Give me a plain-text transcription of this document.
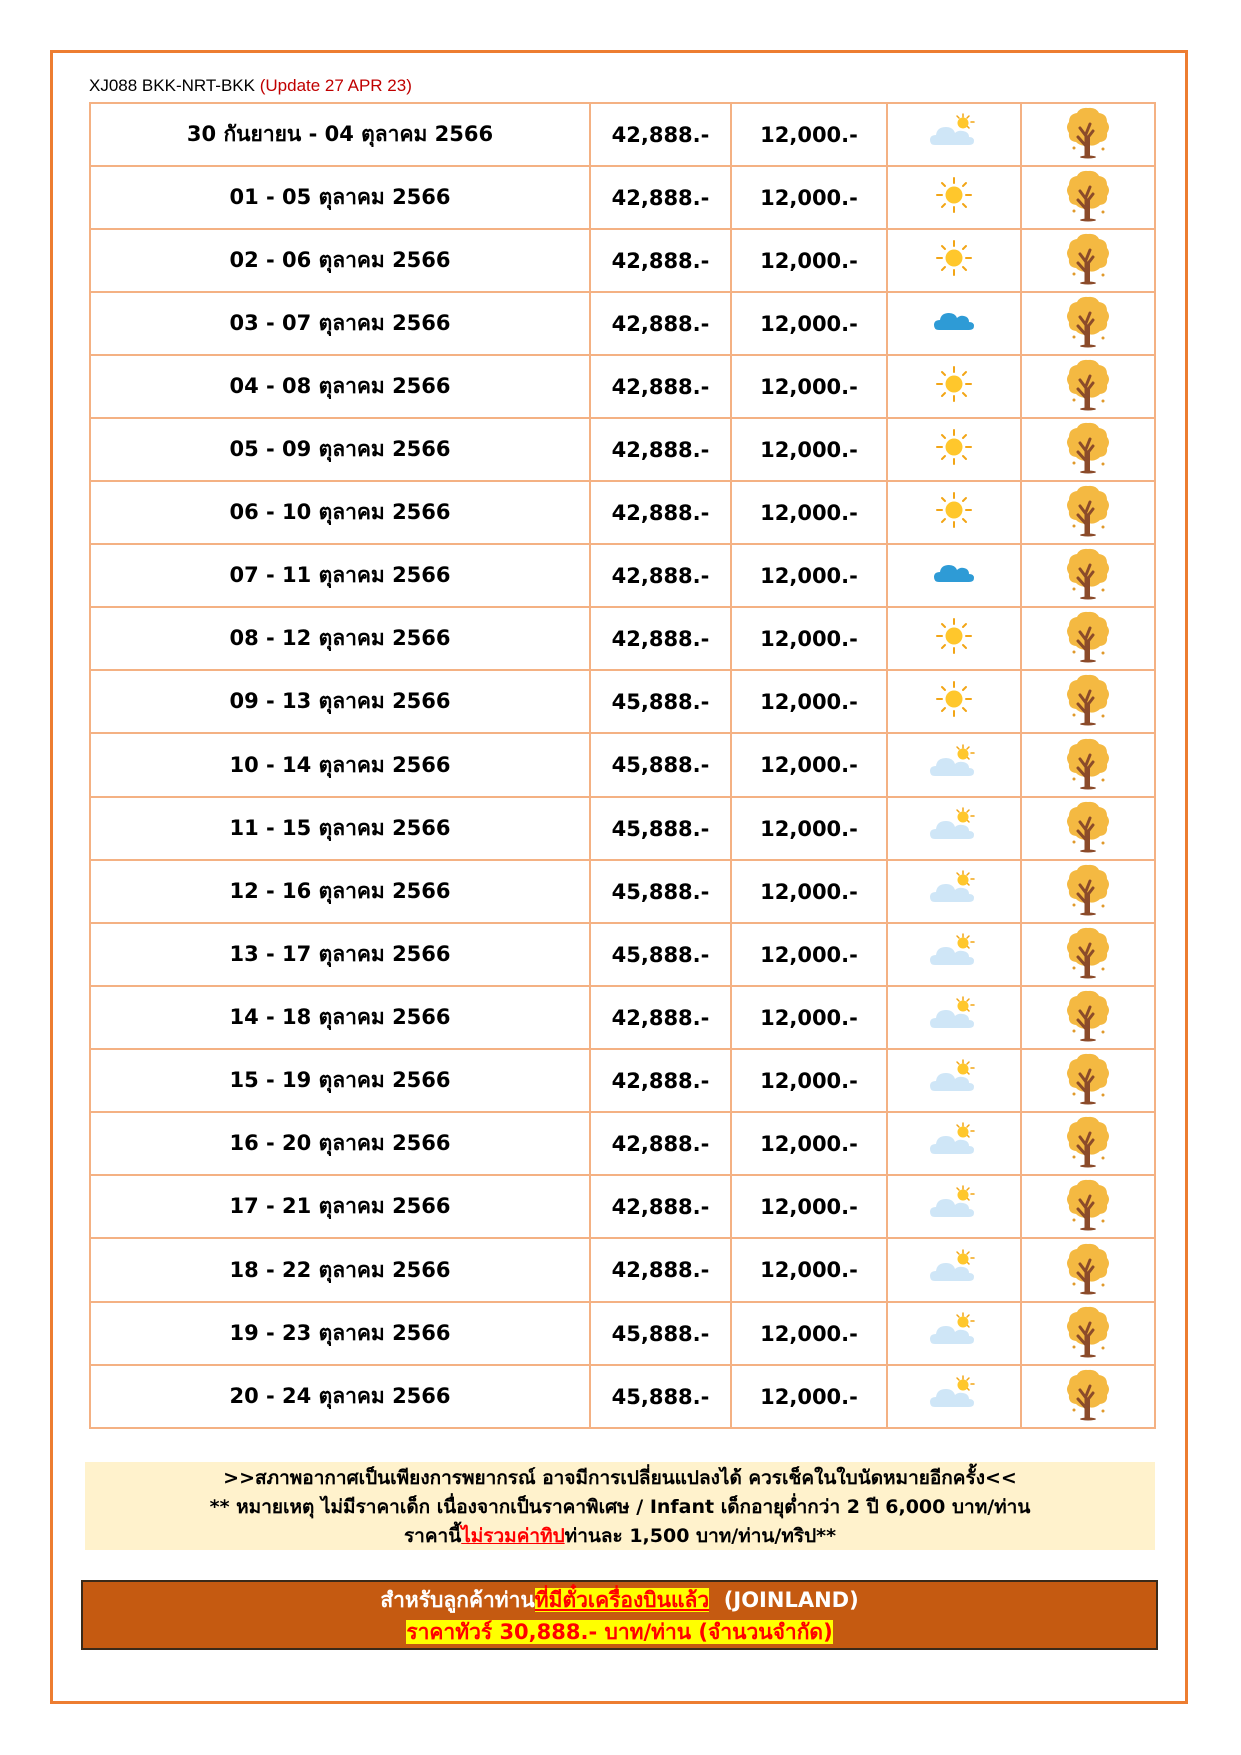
XJ088 BKK-NRT-BKK (Update 27 APR 23)
30 กันยายน - 04 ตุลาคม 2566	42,888.-	12,000.-		
01 - 05 ตุลาคม 2566	42,888.-	12,000.-		
02 - 06 ตุลาคม 2566	42,888.-	12,000.-		
03 - 07 ตุลาคม 2566	42,888.-	12,000.-		
04 - 08 ตุลาคม 2566	42,888.-	12,000.-		
05 - 09 ตุลาคม 2566	42,888.-	12,000.-		
06 - 10 ตุลาคม 2566	42,888.-	12,000.-		
07 - 11 ตุลาคม 2566	42,888.-	12,000.-		
08 - 12 ตุลาคม 2566	42,888.-	12,000.-		
09 - 13 ตุลาคม 2566	45,888.-	12,000.-		
10 - 14 ตุลาคม 2566	45,888.-	12,000.-		
11 - 15 ตุลาคม 2566	45,888.-	12,000.-		
12 - 16 ตุลาคม 2566	45,888.-	12,000.-		
13 - 17 ตุลาคม 2566	45,888.-	12,000.-		
14 - 18 ตุลาคม 2566	42,888.-	12,000.-		
15 - 19 ตุลาคม 2566	42,888.-	12,000.-		
16 - 20 ตุลาคม 2566	42,888.-	12,000.-		
17 - 21 ตุลาคม 2566	42,888.-	12,000.-		
18 - 22 ตุลาคม 2566	42,888.-	12,000.-		
19 - 23 ตุลาคม 2566	45,888.-	12,000.-		
20 - 24 ตุลาคม 2566	45,888.-	12,000.-		
>>สภาพอากาศเป็นเพียงการพยากรณ์ อาจมีการเปลี่ยนแปลงได้ ควรเช็คในใบนัดหมายอีกครั้ง<<
** หมายเหตุ ไม่มีราคาเด็ก เนื่องจากเป็นราคาพิเศษ / Infant เด็กอายุต่ำกว่า 2 ปี 6,000 บาท/ท่าน
ราคานี้ไม่รวมค่าทิปท่านละ 1,500 บาท/ท่าน/ทริป**
สำหรับลูกค้าท่านที่มีตั๋วเครื่องบินแล้ว  (JOINLAND)
ราคาทัวร์ 30,888.- บาท/ท่าน (จำนวนจำกัด)
